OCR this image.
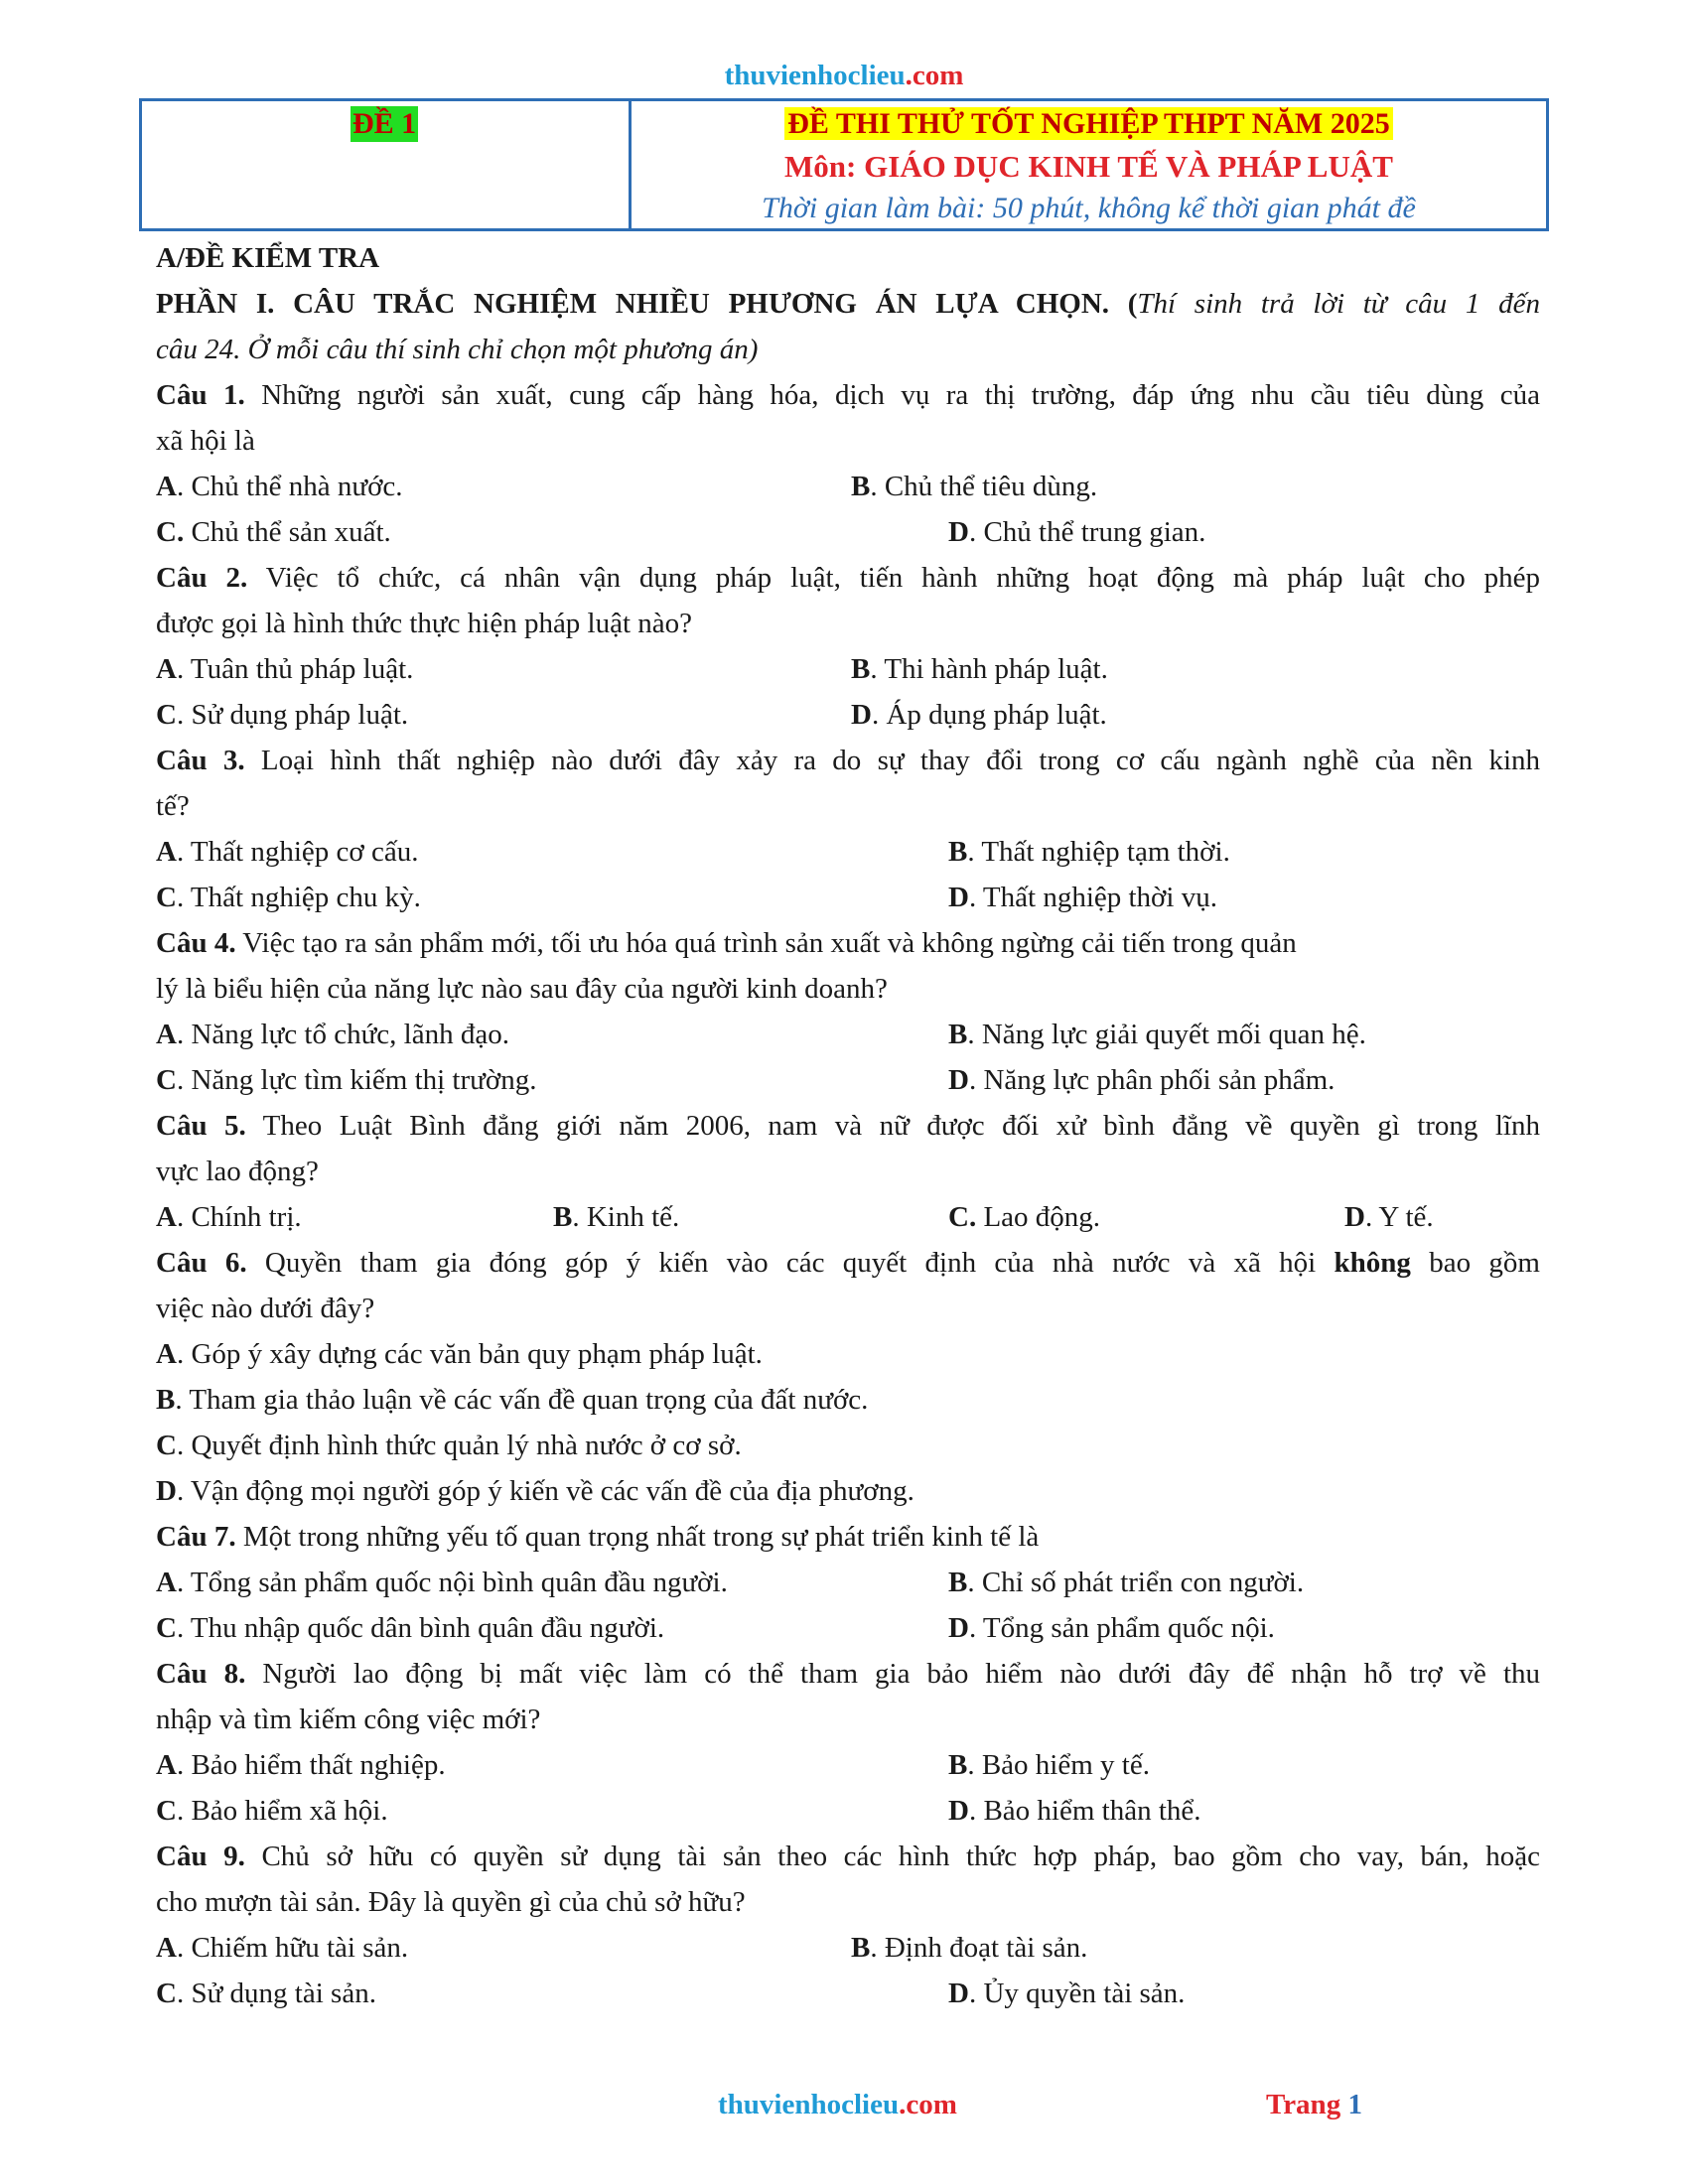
thuvienhoclieu.com
ĐỀ 1	ĐỀ THI THỬ TỐT NGHIỆP THPT NĂM 2025
Môn: GIÁO DỤC KINH TẾ VÀ PHÁP LUẬT
Thời gian làm bài: 50 phút, không kể thời gian phát đề
A/ĐỀ KIỂM TRA
PHẦN I. CÂU TRẮC NGHIỆM NHIỀU PHƯƠNG ÁN LỰA CHỌN. (Thí sinh trả lời từ câu 1 đến
câu 24. Ở mỗi câu thí sinh chỉ chọn một phương án)
Câu 1. Những người sản xuất, cung cấp hàng hóa, dịch vụ ra thị trường, đáp ứng nhu cầu tiêu dùng của
xã hội là
A. Chủ thể nhà nước.	B. Chủ thể tiêu dùng.
C. Chủ thể sản xuất.	D. Chủ thể trung gian.
Câu 2. Việc tổ chức, cá nhân vận dụng pháp luật, tiến hành những hoạt động mà pháp luật cho phép
được gọi là hình thức thực hiện pháp luật nào?
A. Tuân thủ pháp luật.	B. Thi hành pháp luật.
C. Sử dụng pháp luật.	D. Áp dụng pháp luật.
Câu 3. Loại hình thất nghiệp nào dưới đây xảy ra do sự thay đổi trong cơ cấu ngành nghề của nền kinh
tế?
A. Thất nghiệp cơ cấu.	B. Thất nghiệp tạm thời.
C. Thất nghiệp chu kỳ.	D. Thất nghiệp thời vụ.
Câu 4. Việc tạo ra sản phẩm mới, tối ưu hóa quá trình sản xuất và không ngừng cải tiến trong quản
lý là biểu hiện của năng lực nào sau đây của người kinh doanh?
A. Năng lực tổ chức, lãnh đạo.	B. Năng lực giải quyết mối quan hệ.
C. Năng lực tìm kiếm thị trường.	D. Năng lực phân phối sản phẩm.
Câu 5. Theo Luật Bình đẳng giới năm 2006, nam và nữ được đối xử bình đẳng về quyền gì trong lĩnh
vực lao động?
A. Chính trị.	B. Kinh tế.	C. Lao động.	D. Y tế.
Câu 6. Quyền tham gia đóng góp ý kiến vào các quyết định của nhà nước và xã hội không bao gồm
việc nào dưới đây?
A. Góp ý xây dựng các văn bản quy phạm pháp luật.
B. Tham gia thảo luận về các vấn đề quan trọng của đất nước.
C. Quyết định hình thức quản lý nhà nước ở cơ sở.
D. Vận động mọi người góp ý kiến về các vấn đề của địa phương.
Câu 7. Một trong những yếu tố quan trọng nhất trong sự phát triển kinh tế là
A. Tổng sản phẩm quốc nội bình quân đầu người.	B. Chỉ số phát triển con người.
C. Thu nhập quốc dân bình quân đầu người.	D. Tổng sản phẩm quốc nội.
Câu 8. Người lao động bị mất việc làm có thể tham gia bảo hiểm nào dưới đây để nhận hỗ trợ về thu
nhập và tìm kiếm công việc mới?
A. Bảo hiểm thất nghiệp.	B. Bảo hiểm y tế.
C. Bảo hiểm xã hội.	D. Bảo hiểm thân thể.
Câu 9. Chủ sở hữu có quyền sử dụng tài sản theo các hình thức hợp pháp, bao gồm cho vay, bán, hoặc
cho mượn tài sản. Đây là quyền gì của chủ sở hữu?
A. Chiếm hữu tài sản.	B. Định đoạt tài sản.
C. Sử dụng tài sản.	D. Ủy quyền tài sản.
thuvienhoclieu.com	Trang 1
